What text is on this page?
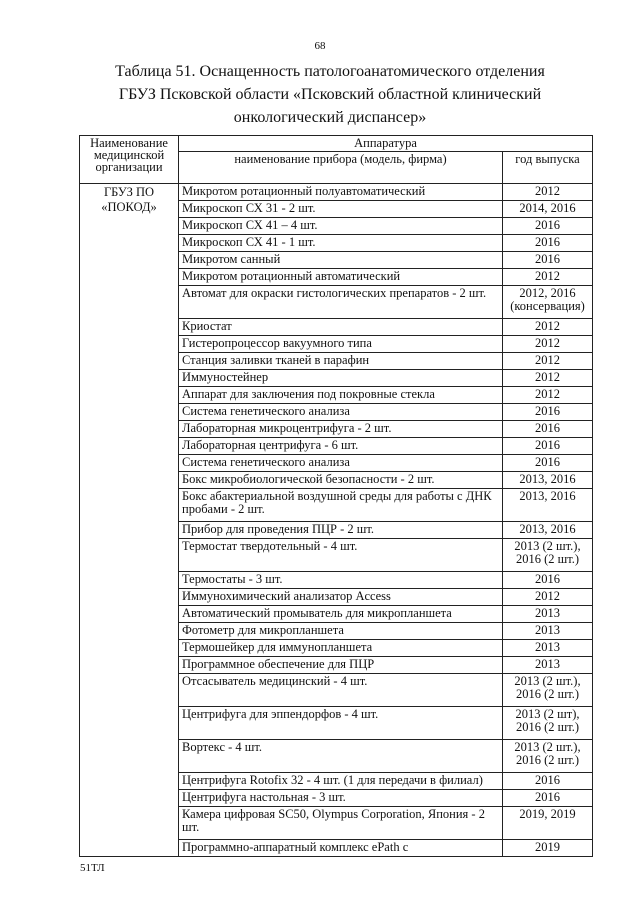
68
Таблица 51. Оснащенность патологоанатомического отделения
ГБУЗ Псковской области «Псковский областной клинический
онкологический диспансер»
Наименование медицинской организации	Аппаратура	
	наименование прибора (модель, фирма)	год выпуска
ГБУЗ ПО «ПОКОД»	Микротом ротационный полуавтоматический	2012
	Микроскоп СХ 31 - 2 шт.	2014, 2016
	Микроскоп СХ 41 – 4 шт.	2016
	Микроскоп СХ 41 - 1 шт.	2016
	Микротом санный	2016
	Микротом ротационный автоматический	2012
	Автомат для окраски гистологических препаратов - 2 шт.	2012, 2016 (консервация)
	Криостат	2012
	Гистеропроцессор вакуумного типа	2012
	Станция заливки тканей в парафин	2012
	Иммуностейнер	2012
	Аппарат для заключения под покровные стекла	2012
	Система генетического анализа	2016
	Лабораторная микроцентрифуга - 2 шт.	2016
	Лабораторная центрифуга - 6 шт.	2016
	Система генетического анализа	2016
	Бокс микробиологической безопасности - 2 шт.	2013, 2016
	Бокс абактериальной воздушной среды для работы с ДНК пробами - 2 шт.	2013, 2016
	Прибор для проведения ПЦР - 2 шт.	2013, 2016
	Термостат твердотельный - 4 шт.	2013 (2 шт.), 2016 (2 шт.)
	Термостаты - 3 шт.	2016
	Иммунохимический анализатор Access	2012
	Автоматический промыватель для микропланшета	2013
	Фотометр для микропланшета	2013
	Термошейкер для иммунопланшета	2013
	Программное обеспечение для ПЦР	2013
	Отсасыватель медицинский - 4 шт.	2013 (2 шт.), 2016 (2 шт.)
	Центрифуга для эппендорфов - 4 шт.	2013 (2 шт), 2016 (2 шт.)
	Вортекс - 4 шт.	2013 (2 шт.), 2016 (2 шт.)
	Центрифуга Rotofix 32 - 4 шт. (1 для передачи в филиал)	2016
	Центрифуга настольная - 3 шт.	2016
	Камера цифровая SC50, Olympus Corporation, Япония - 2 шт.	2019, 2019
	Программно-аппаратный комплекс ePath с	2019
51ТЛ
